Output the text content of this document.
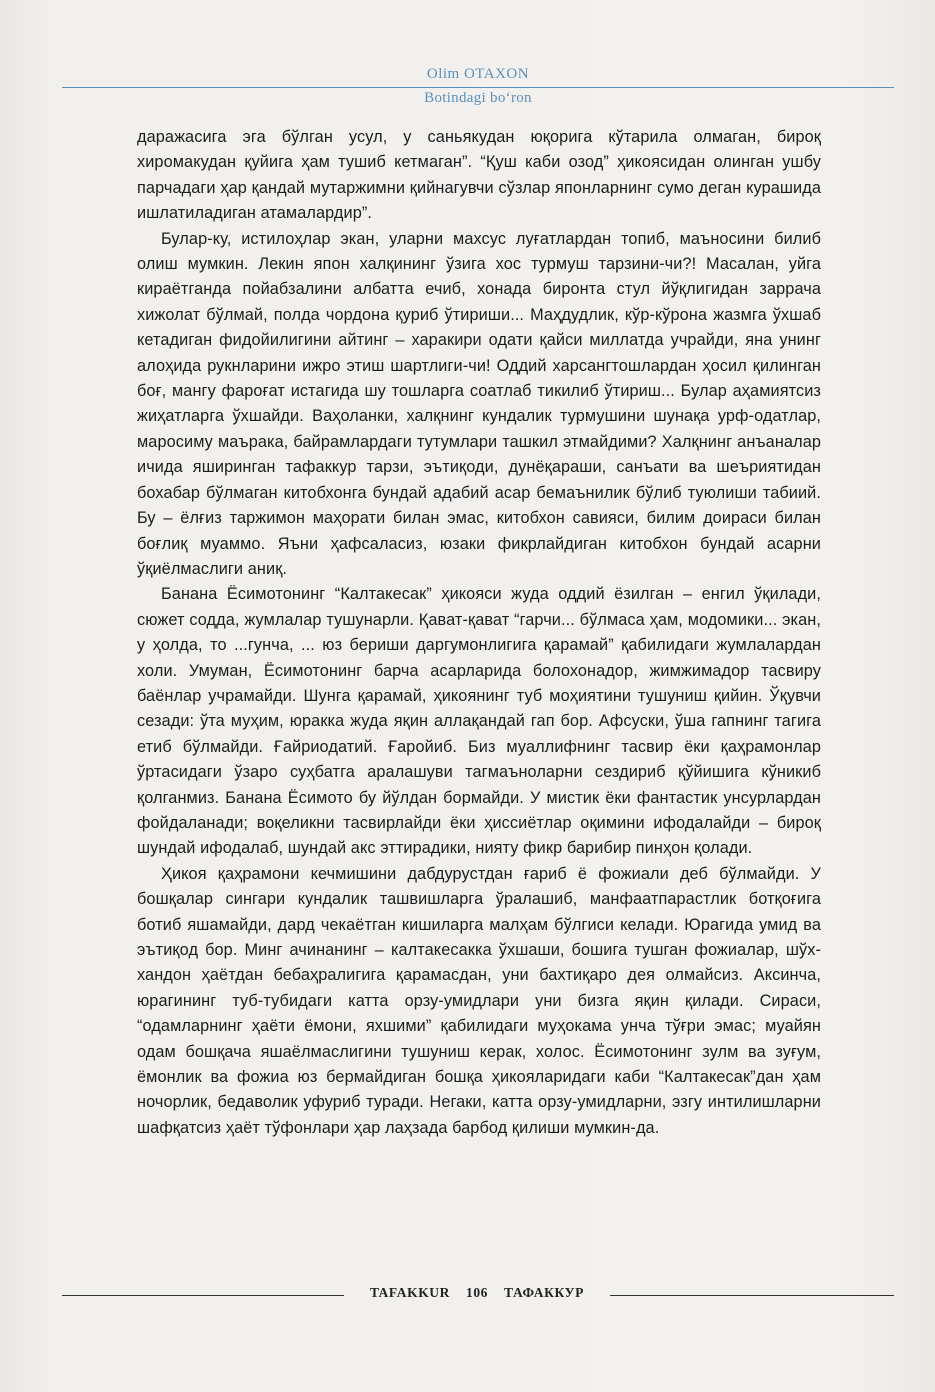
Olim OTAXON
Botindagi bo‘ron

даражасига эга бўлган усул, у саньякудан юқорига кўтарила олмаган, бироқ хиромакудан қуйига ҳам тушиб кетмаган”. “Қуш каби озод” ҳикоясидан олинган ушбу парчадаги ҳар қандай мутаржимни қийнагувчи сўзлар японларнинг сумо деган курашида ишлатиладиган атамалардир”.

Булар-ку, истилоҳлар экан, уларни махсус луғатлардан топиб, маъносини билиб олиш мумкин. Лекин япон халқининг ўзига хос турмуш тарзини-чи?! Масалан, уйга кираётганда пойабзалини албатта ечиб, хонада биронта стул йўқлигидан заррача хижолат бўлмай, полда чордона қуриб ўтириши... Маҳдудлик, кўр-кўрона жазмга ўхшаб кетадиган фидойилигини айтинг – харакири одати қайси миллатда учрайди, яна унинг алоҳида рукнларини ижро этиш шартлиги-чи! Оддий харсангтошлардан ҳосил қилинган боғ, мангу фароғат истагида шу тошларга соатлаб тикилиб ўтириш... Булар аҳамиятсиз жиҳатларга ўхшайди. Ваҳоланки, халқнинг кундалик турмушини шунақа урф-одатлар, маросиму маърака, байрамлардаги тутумлари ташкил этмайдими? Халқнинг анъаналар ичида яширинган тафаккур тарзи, эътиқоди, дунёқараши, санъати ва шеъриятидан бохабар бўлмаган китобхонга бундай адабий асар бемаънилик бўлиб туюлиши табиий. Бу – ёлғиз таржимон маҳорати билан эмас, китобхон савияси, билим доираси билан боғлиқ муаммо. Яъни ҳафсаласиз, юзаки фикрлайдиган китобхон бундай асарни ўқиёлмаслиги аниқ.

Банана Ёсимотонинг “Калтакесак” ҳикояси жуда оддий ёзилган – енгил ўқилади, сюжет содда, жумлалар тушунарли. Қават-қават “гарчи... бўлмаса ҳам, модомики... экан, у ҳолда, то ...гунча, ... юз бериши даргумонлигига қарамай” қабилидаги жумлалардан холи. Умуман, Ёсимотонинг барча асарларида болохонадор, жимжимадор тасвиру баёнлар учрамайди. Шунга қарамай, ҳикоянинг туб моҳиятини тушуниш қийин. Ўқувчи сезади: ўта муҳим, юракка жуда яқин аллақандай гап бор. Афсуски, ўша гапнинг тагига етиб бўлмайди. Ғайриодатий. Ғаройиб. Биз муаллифнинг тасвир ёки қаҳрамонлар ўртасидаги ўзаро суҳбатга аралашуви тагмаъноларни сездириб қўйишига кўникиб қолганмиз. Банана Ёсимото бу йўлдан бормайди. У мистик ёки фантастик унсурлардан фойдаланади; воқеликни тасвирлайди ёки ҳиссиётлар оқимини ифодалайди – бироқ шундай ифодалаб, шундай акс эттирадики, нияту фикр барибир пинҳон қолади.

Ҳикоя қаҳрамони кечмишини дабдурустдан ғариб ё фожиали деб бўлмайди. У бошқалар сингари кундалик ташвишларга ўралашиб, манфаатпарастлик ботқоғига ботиб яшамайди, дард чекаётган кишиларга малҳам бўлгиси келади. Юрагида умид ва эътиқод бор. Минг ачинанинг – калтакесакка ўхшаши, бошига тушган фожиалар, шўх-хандон ҳаётдан бебаҳралигига қарамасдан, уни бахтиқаро дея олмайсиз. Аксинча, юрагининг туб-тубидаги катта орзу-умидлари уни бизга яқин қилади. Сираси, “одамларнинг ҳаёти ёмони, яхшими” қабилидаги муҳокама унча тўғри эмас; муайян одам бошқача яшаёлмаслигини тушуниш керак, холос. Ёсимотонинг зулм ва зуғум, ёмонлик ва фожиа юз бермайдиган бошқа ҳикояларидаги каби “Калтакесак”дан ҳам ночорлик, бедаволик уфуриб туради. Негаки, катта орзу-умидларни, эзгу интилишларни шафқатсиз ҳаёт тўфонлари ҳар лаҳзада барбод қилиши мумкин-да.

TAFAKKUR 106 ТАФАККУР
